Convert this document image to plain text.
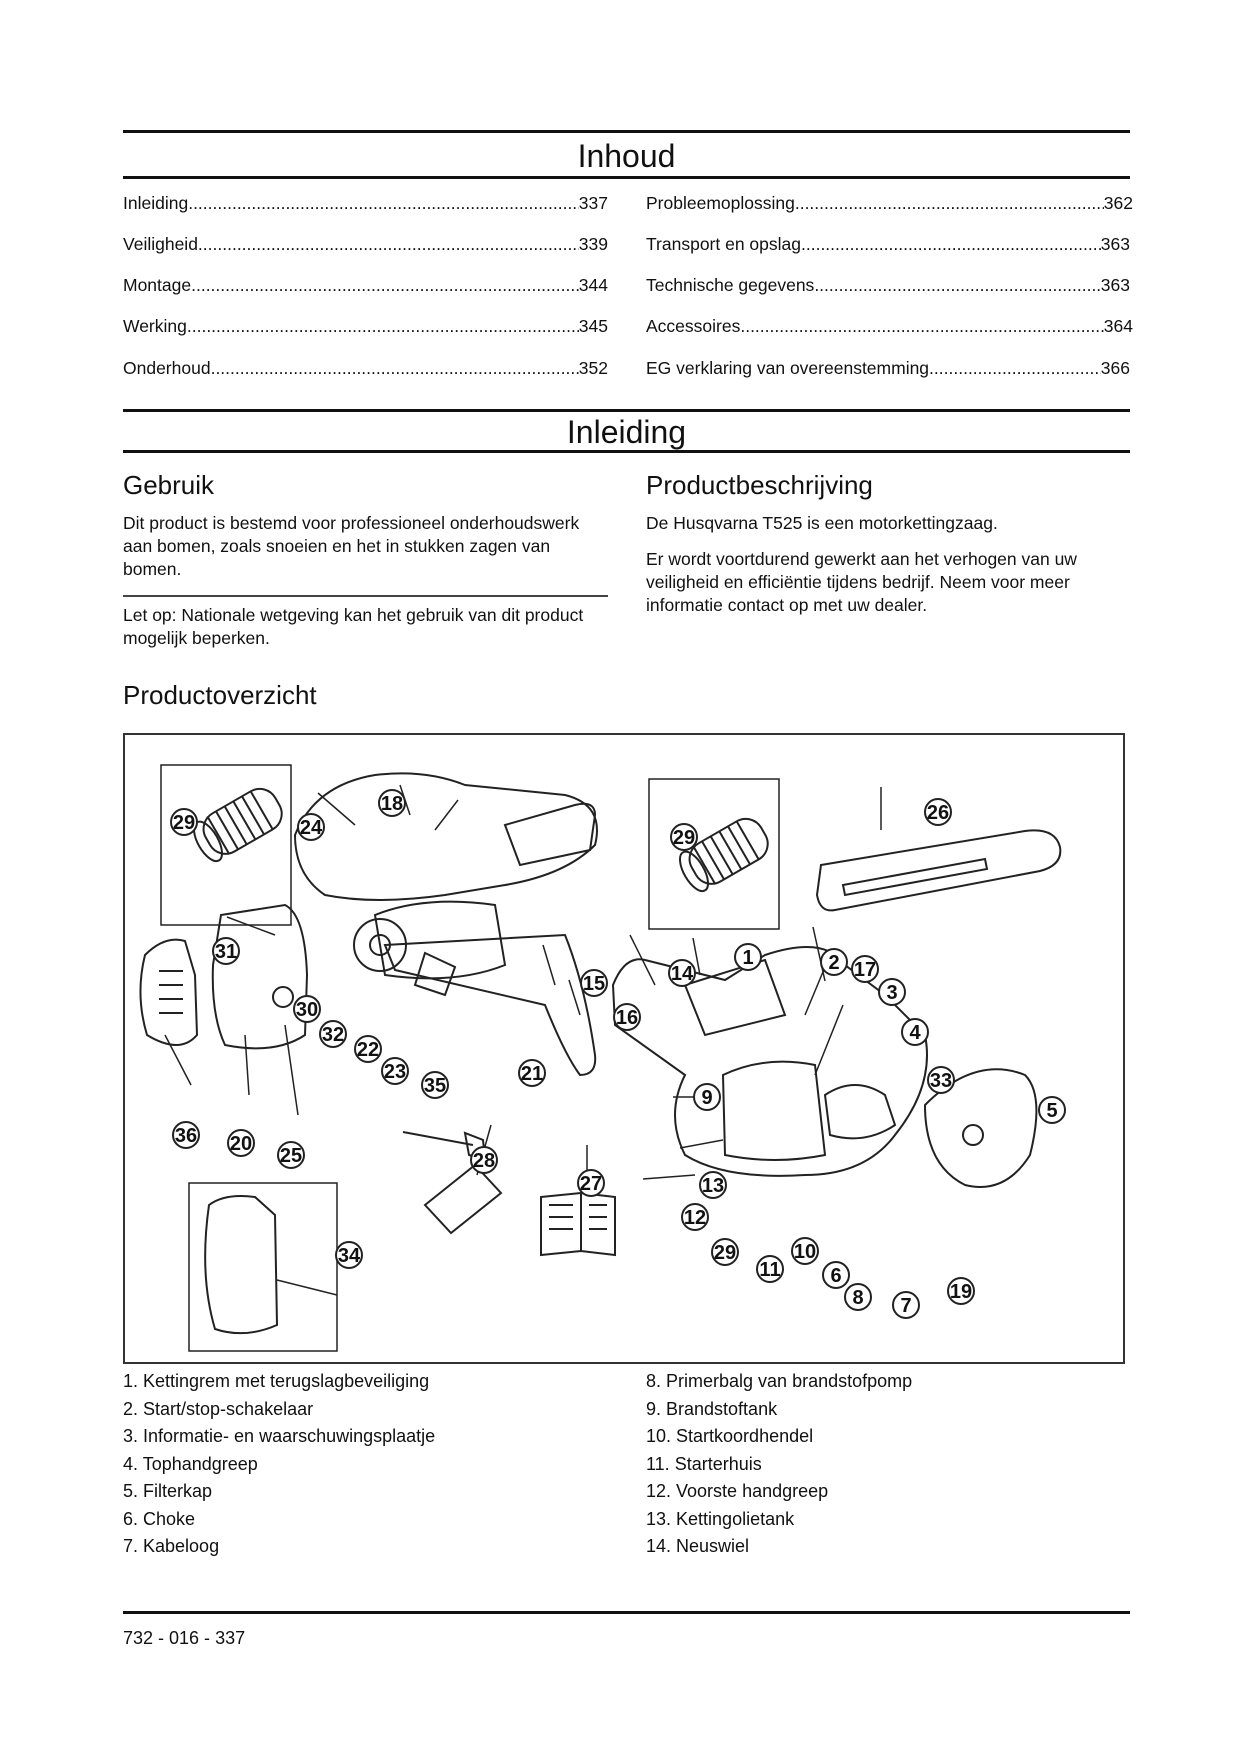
Inhoud
Inleiding .....	337
Veiligheid .....	339
Montage .....	344
Werking .....	345
Onderhoud .....	352
Probleemoplossing .....	362
Transport en opslag .....	363
Technische gegevens .....	363
Accessoires .....	364
EG verklaring van overeenstemming .....	366
Inleiding
Gebruik
Dit product is bestemd voor professioneel onderhoudswerk aan bomen, zoals snoeien en het in stukken zagen van bomen.
Let op: Nationale wetgeving kan het gebruik van dit product mogelijk beperken.
Productbeschrijving
De Husqvarna T525 is een motorkettingzaag.
Er wordt voortdurend gewerkt aan het verhogen van uw veiligheid en efficiëntie tijdens bedrijf. Neem voor meer informatie contact op met uw dealer.
Productoverzicht
1	2
3
4
5
6
7
8
9
10
11
12
13
14
15
16
17
18
19
20
21
22
23
24
25
26
27
28
29
29
29
30
31
32
33
34
35
36
1. Kettingrem met terugslagbeveiliging
2. Start/stop-schakelaar
3. Informatie- en waarschuwingsplaatje
4. Tophandgreep
5. Filterkap
6. Choke
7. Kabeloog
8. Primerbalg van brandstofpomp
9. Brandstoftank
10. Startkoordhendel
11. Starterhuis
12. Voorste handgreep
13. Kettingolietank
14. Neuswiel
732 - 016 - 337
